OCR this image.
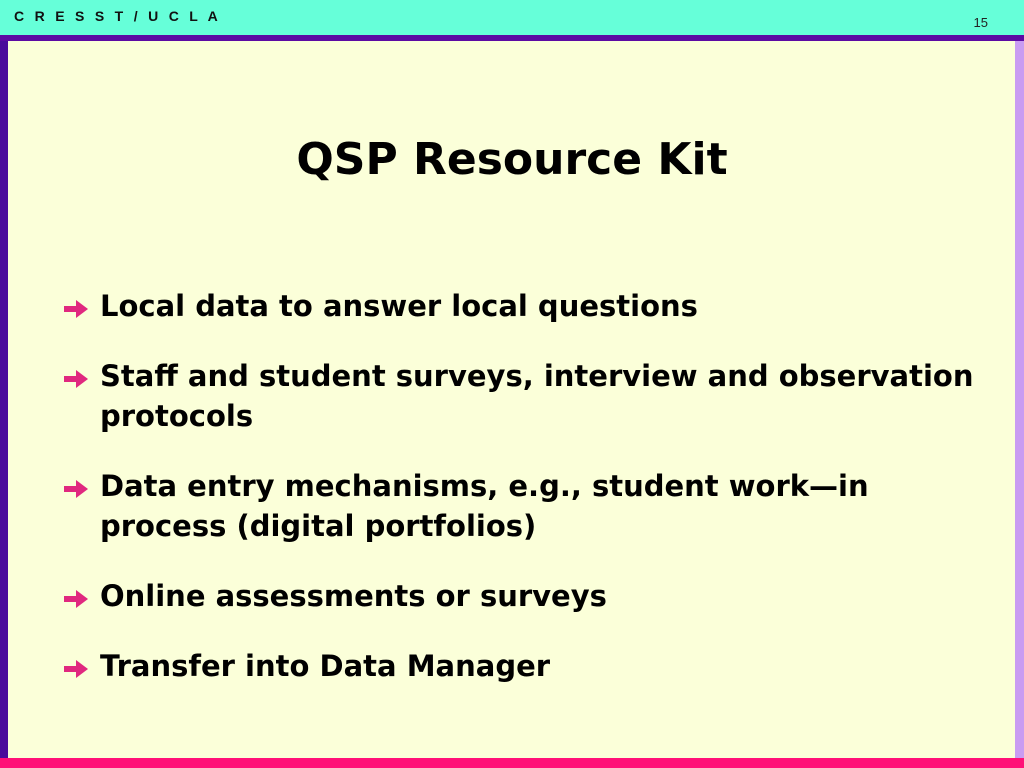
C R E S S T / U C L A	15
QSP Resource Kit
Local data to answer local questions
Staff and student surveys, interview and observation protocols
Data entry mechanisms, e.g., student work—in process (digital portfolios)
Online assessments or surveys
Transfer into Data Manager
